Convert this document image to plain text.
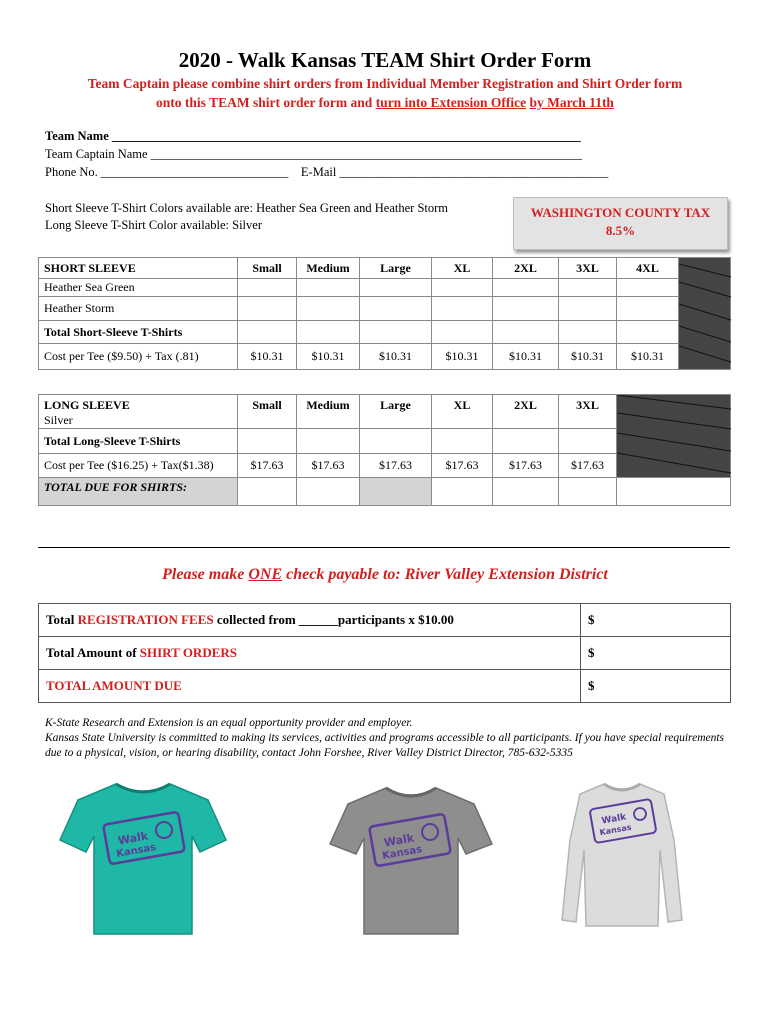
2020 - Walk Kansas TEAM Shirt Order Form
Team Captain please combine shirt orders from Individual Member Registration and Shirt Order form
onto this TEAM shirt order form and turn into Extension Office by March 11th
Team Name ___________________________________________________________________________
Team Captain Name _____________________________________________________________________
Phone No. ______________________________ E-Mail ___________________________________________
Short Sleeve T-Shirt Colors available are: Heather Sea Green and Heather Storm
Long Sleeve T-Shirt Color available: Silver
WASHINGTON COUNTY TAX
8.5%
SHORT SLEEVE	Small	Medium	Large	XL	2XL	3XL	4XL	

Heather Sea Green								
Heather Storm								
Total Short-Sleeve T-Shirts								
Cost per Tee ($9.50) + Tax (.81)	$10.31	$10.31	$10.31	$10.31	$10.31	$10.31	$10.31	
LONG SLEEVE
Silver	Small	Medium	Large	XL	2XL	3XL	

Total Long-Sleeve T-Shirts							
Cost per Tee ($16.25) + Tax($1.38)	$17.63	$17.63	$17.63	$17.63	$17.63	$17.63	
TOTAL DUE FOR SHIRTS:							
Please make ONE check payable to: River Valley Extension District
Total REGISTRATION FEES collected from ______participants x $10.00	$
Total Amount of SHIRT ORDERS	$
TOTAL AMOUNT DUE	$
K-State Research and Extension is an equal opportunity provider and employer.
Kansas State University is committed to making its services, activities and programs accessible to all participants. If you have special requirements due to a physical, vision, or hearing disability, contact John Forshee, River Valley District Director, 785-632-5335
Walk
Kansas
Walk
Kansas
Walk
Kansas
